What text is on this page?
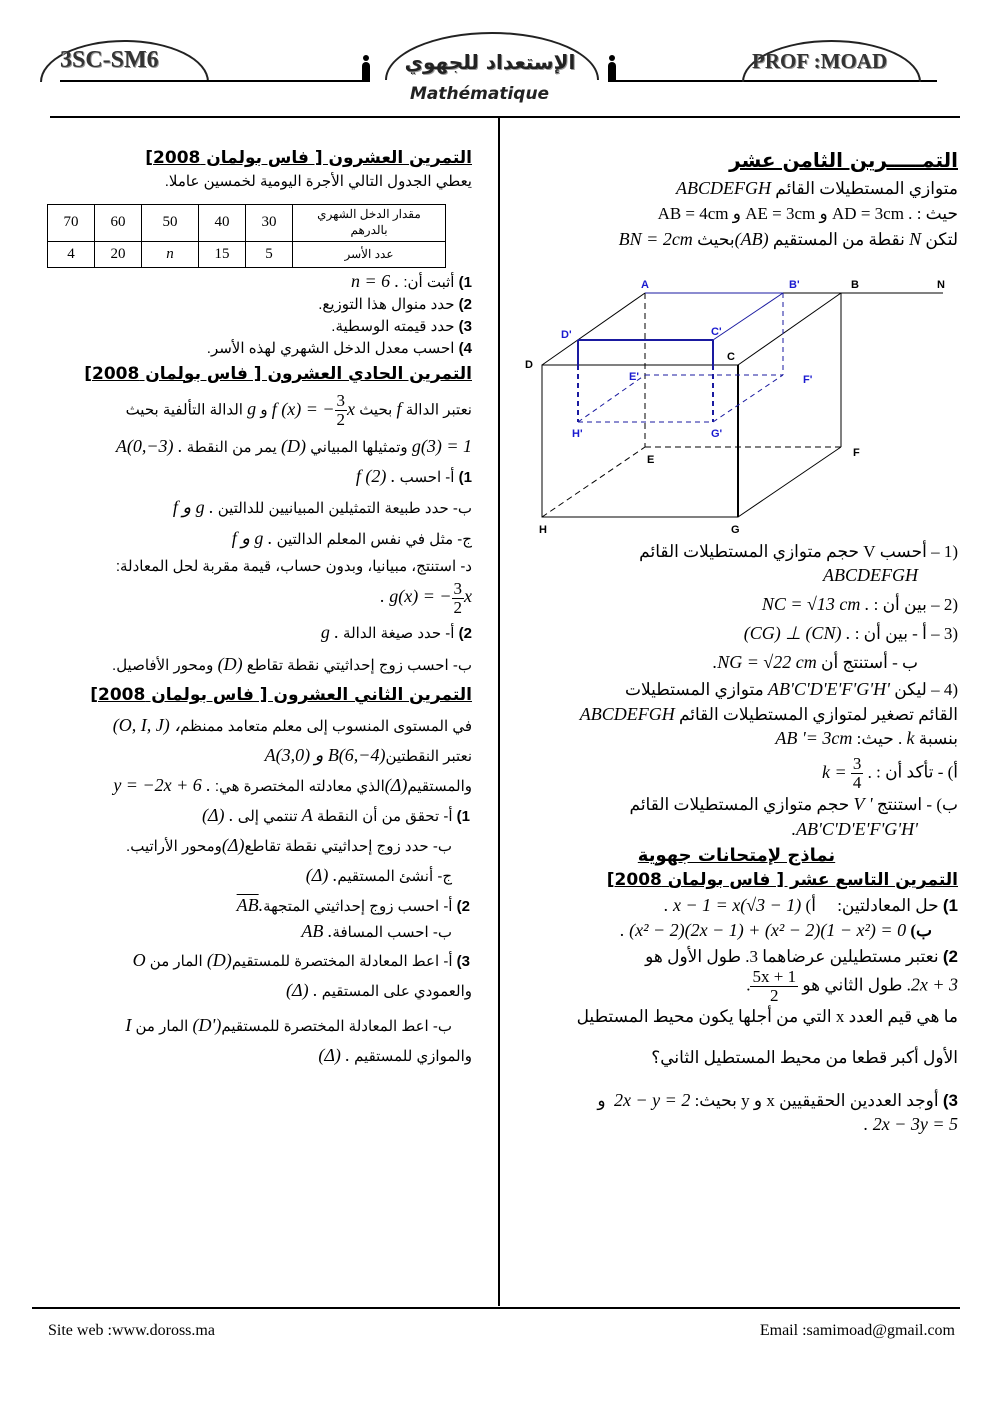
3SC-SM6	الإستعداد للجهوي	PROF :MOAD
Mathématique
التمرين العشرون [ فاس بولمان 2008]
يعطي الجدول التالي الأجرة اليومية لخمسين عاملا.
مقدار الدخل الشهري بالدرهم	30	40	50	60	70
عدد الأسر	5	15	n	20	4
1) أثبت أن: n = 6 .
2) حدد منوال هذا التوزيع.
3) حدد قيمته الوسطية.
4) احسب معدل الدخل الشهري لهذه الأسر.
التمرين الحادي العشرون [ فاس بولمان 2008]
نعتبر الدالة f بحيث f (x) = − $\frac{3}{2}$ x و g الدالة التألفية بحيث
g(3) = 1 وتمثيلها المبياني (D) يمر من النقطة A(0,−3) .
1) أ- احسب f (2) .
ب- حدد طبيعة التمثيلين المبيانيين للدالتين f و g .
ج- مثل في نفس المعلم الدالتين f و g .
د- استنتج، مبيانيا، وبدون حساب، قيمة مقربة لحل المعادلة:
. g(x) = − $\frac{3}{2}$ x
2) أ- حدد صيغة الدالة g .
ب- احسب زوج إحداثيتي نقطة تقاطع (D) ومحور الأفاصيل.
التمرين الثاني العشرون [ فاس بولمان 2008]
في المستوى المنسوب إلى معلم متعامد ممنظم(O, I, J) ،
نعتبر النقطتينA(3,0) و B(6,−4)
والمستقيم(Δ)الذي معادلته المختصرة هي: y = −2x + 6 .
1) أ- تحقق من أن النقطة A تنتمي إلى (Δ) .
ب- حدد زوج إحداثيتي نقطة تقاطع(Δ)ومحور الأراتيب.
ج- أنشئ المستقيم(Δ) .
2) أ- احسب زوج إحداثيتي $المتجهة\overline{AB}$.
ب- احسب المسافةAB .
3) أ- اعط المعادلة المختصرة للمستقيم(D) المار من O
والعمودي على المستقيم (Δ) .
ب- اعط المعادلة المختصرة للمستقيم(D') المار من I
والموازي للمستقيم (Δ) .
التمـــــرين الثامن عشر
متوازي المستطيلات القائم ABCDEFGH
حيث : AB = 4cm و AE = 3cm و AD = 3cm .
لتكن N نقطة من المستقيم (AB)بحيث BN = 2cm
A	B'	B	N
D'	C'
C
D
E'	F'
H'	G'
E
F
H	G
1) – أحسب V حجم متوازي المستطيلات القائم
ABCDEFGH
2) – بين أن : NC = √13 cm .
3) – أ - بين أن : (CG) ⊥ (CN) .
ب - أستنتج أن .NG = √22 cm
4) – ليكن AB'C'D'E'F'G'H' متوازي المستطيلات
القائم تصغير لمتوازي المستطيلات القائم ABCDEFGH
بنسبة k . حيث: AB '= 3cm
أ) - تأكد أن : $k = \frac{3}{4}$ .
ب) - استنتج V ' حجم متوازي المستطيلات القائم
.AB'C'D'E'F'G'H'
نماذج لإمتحانات جهوية
التمرين التاسع عشر [ فاس بولمان 2008]
1) حل المعادلتين:     أ) . x − 1 = x(√3 − 1)
ب) . (x² − 2)(2x − 1) + (x² − 2)(1 − x²) = 0
2) نعتبر مستطيلين عرضاهما 3. طول الأول هو
2x + 3. طول الثاني هو
$\frac{5x + 1}{2}$
.
ما هي قيم العدد x التي من أجلها يكون محيط المستطيل
الأول أكبر قطعا من محيط المستطيل الثاني؟
3) أوجد العددين الحقيقيين x و y بحيث: 2x − y = 2  و
. 2x − 3y = 5
Site web :www.doross.ma	Email :samimoad@gmail.com
